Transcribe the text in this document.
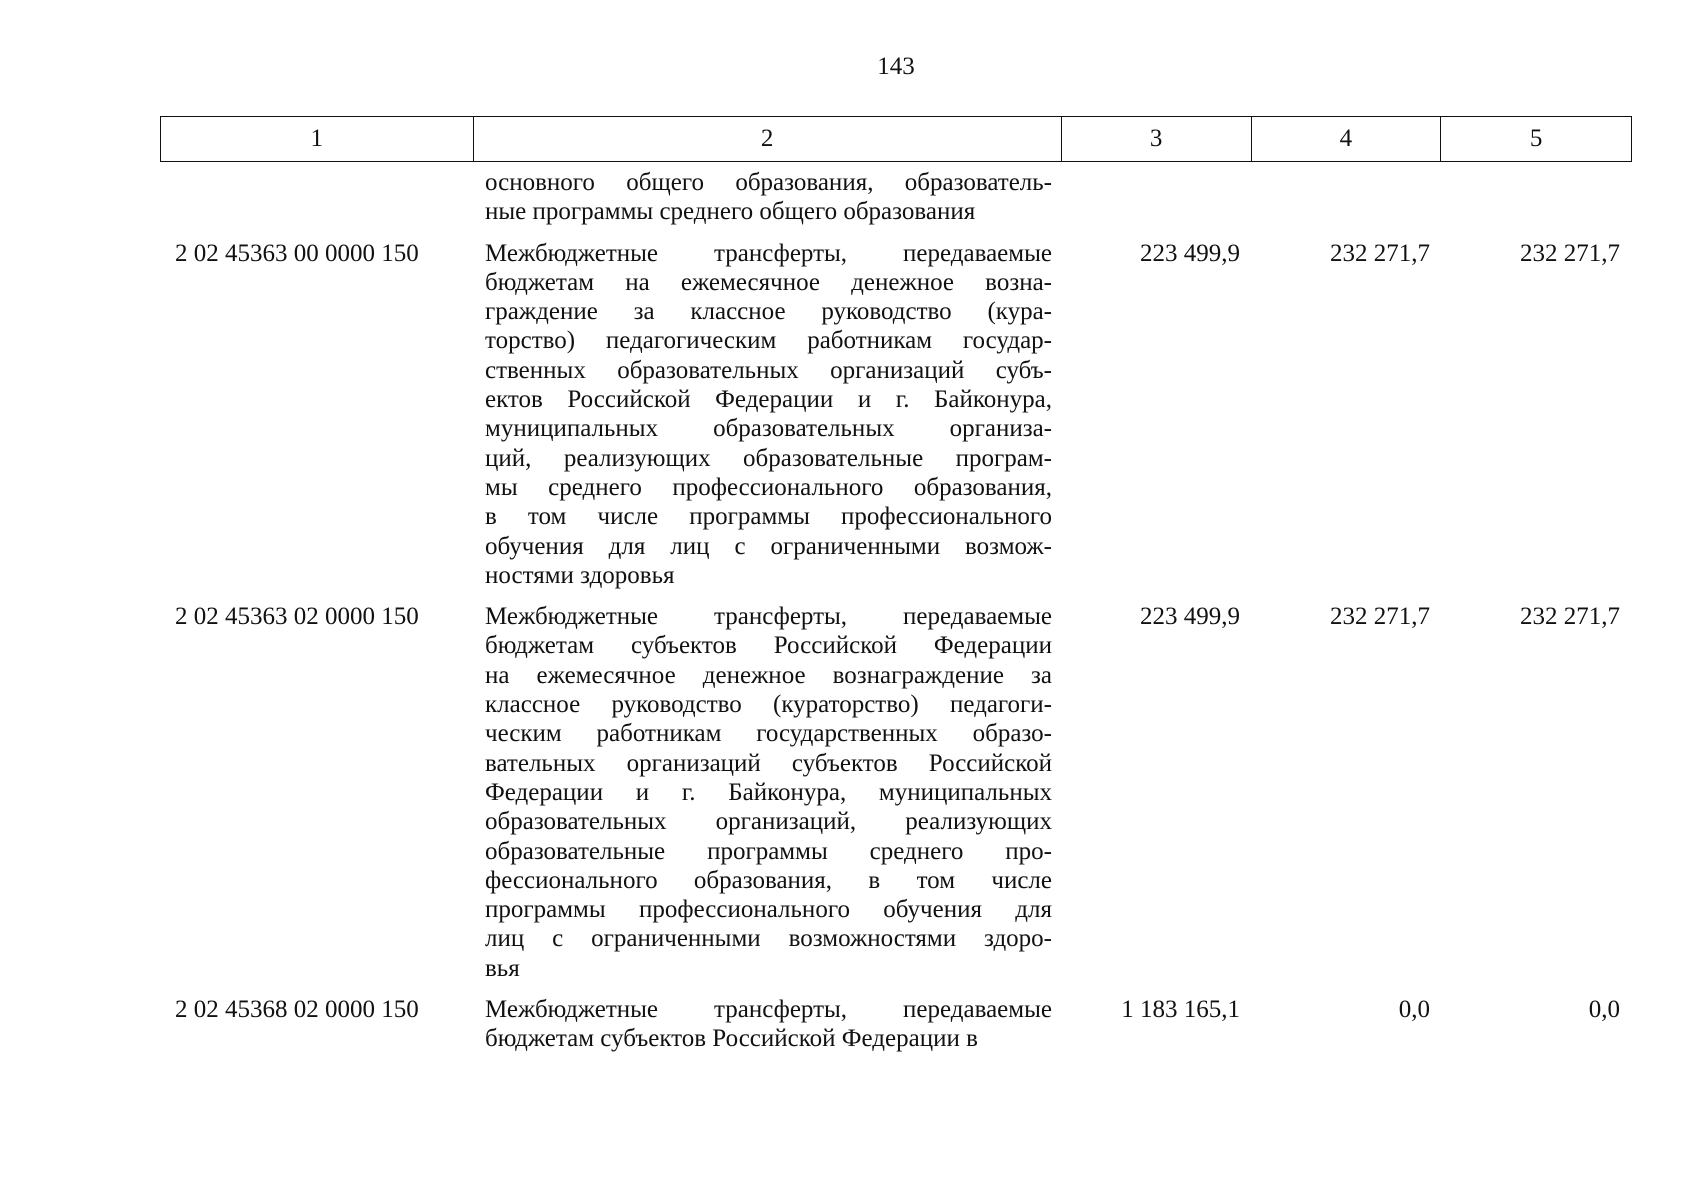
143
1	2	3	4	5
основного общего образования, образователь-
ные программы среднего общего образования
2 02 45363 00 0000 150	Межбюджетные трансферты, передаваемые
бюджетам на ежемесячное денежное возна-
граждение за классное руководство (кура-
торство) педагогическим работникам государ-
ственных образовательных организаций субъ-
ектов Российской Федерации и г. Байконура,
муниципальных образовательных организа-
ций, реализующих образовательные програм-
мы среднего профессионального образования,
в том числе программы профессионального
обучения для лиц с ограниченными возмож-
ностями здоровья
223 499,9	232 271,7	232 271,7
2 02 45363 02 0000 150	Межбюджетные трансферты, передаваемые
бюджетам субъектов Российской Федерации
на ежемесячное денежное вознаграждение за
классное руководство (кураторство) педагоги-
ческим работникам государственных образо-
вательных организаций субъектов Российской
Федерации и г. Байконура, муниципальных
образовательных организаций, реализующих
образовательные программы среднего про-
фессионального образования, в том числе
программы профессионального обучения для
лиц с ограниченными возможностями здоро-
вья
223 499,9	232 271,7	232 271,7
2 02 45368 02 0000 150	Межбюджетные трансферты, передаваемые
бюджетам субъектов Российской Федерации в
1 183 165,1	0,0	0,0
